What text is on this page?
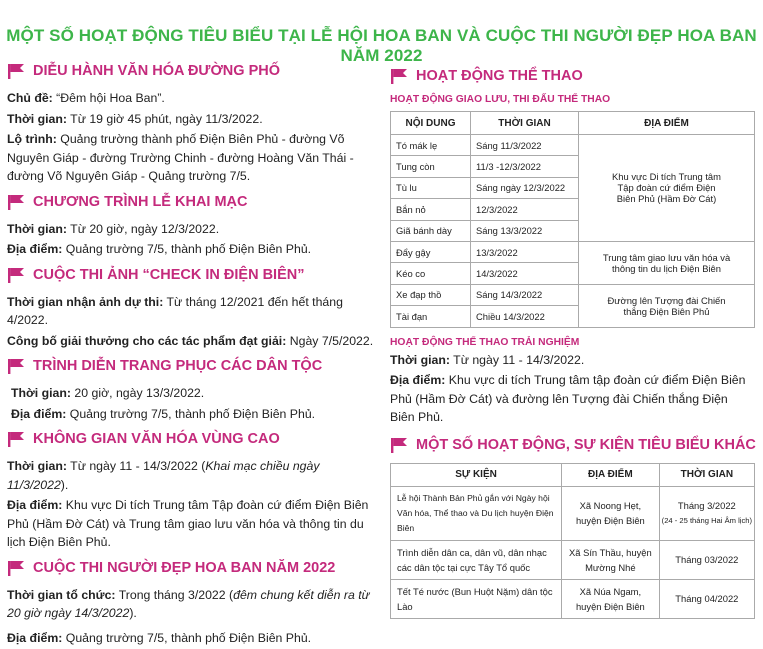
MỘT SỐ HOẠT ĐỘNG TIÊU BIỂU TẠI LỄ HỘI HOA BAN VÀ CUỘC THI NGƯỜI ĐẸP HOA BAN NĂM 2022
DIỄU HÀNH VĂN HÓA ĐƯỜNG PHỐ
Chủ đề: “Đêm hội Hoa Ban”.
Thời gian: Từ 19 giờ 45 phút, ngày 11/3/2022.
Lộ trình: Quảng trường thành phố Điện Biên Phủ - đường Võ Nguyên Giáp - đường Trường Chinh - đường Hoàng Văn Thái - đường Võ Nguyên Giáp - Quảng trường 7/5.
CHƯƠNG TRÌNH LỄ KHAI MẠC
Thời gian: Từ 20 giờ, ngày 12/3/2022.
Địa điểm: Quảng trường 7/5, thành phố Điện Biên Phủ.
CUỘC THI ẢNH “CHECK IN ĐIỆN BIÊN”
Thời gian nhận ảnh dự thi: Từ tháng 12/2021 đến hết tháng 4/2022.
Công bố giải thưởng cho các tác phẩm đạt giải: Ngày 7/5/2022.
TRÌNH DIỄN TRANG PHỤC CÁC DÂN TỘC
Thời gian: 20 giờ, ngày 13/3/2022.
Địa điểm: Quảng trường 7/5, thành phố Điện Biên Phủ.
KHÔNG GIAN VĂN HÓA VÙNG CAO
Thời gian: Từ ngày 11 - 14/3/2022 (Khai mạc chiều ngày 11/3/2022).
Địa điểm: Khu vực Di tích Trung tâm Tập đoàn cứ điểm Điện Biên Phủ (Hầm Đờ Cát) và Trung tâm giao lưu văn hóa và thông tin du lịch Điện Biên Phủ.
CUỘC THI NGƯỜI ĐẸP HOA BAN NĂM 2022
Thời gian tổ chức: Trong tháng 3/2022 (đêm chung kết diễn ra từ 20 giờ ngày 14/3/2022).
Địa điểm: Quảng trường 7/5, thành phố Điện Biên Phủ.
HOẠT ĐỘNG THỂ THAO
HOẠT ĐỘNG GIAO LƯU, THI ĐẤU THỂ THAO
NỘI DUNG	THỜI GIAN	ĐỊA ĐIỂM
Tó mák lẹ	Sáng 11/3/2022	Khu vực Di tích Trung tâm Tập đoàn cứ điểm Điện Biên Phủ (Hầm Đờ Cát)
Tung còn	11/3 -12/3/2022	
Tù lu	Sáng ngày 12/3/2022	
Bắn nỏ	12/3/2022	
Giã bánh dày	Sáng 13/3/2022	
Đẩy gậy	13/3/2022	Trung tâm giao lưu văn hóa và thông tin du lịch Điện Biên
Kéo co	14/3/2022	
Xe đạp thồ	Sáng 14/3/2022	Đường lên Tượng đài Chiến thắng Điện Biên Phủ
Tài đạn	Chiều 14/3/2022	
HOẠT ĐỘNG THỂ THAO TRẢI NGHIỆM
Thời gian: Từ ngày 11 - 14/3/2022.
Địa điểm: Khu vực di tích Trung tâm tập đoàn cứ điểm Điện Biên Phủ (Hầm Đờ Cát) và đường lên Tượng đài Chiến thắng Điện Biên Phủ.
MỘT SỐ HOẠT ĐỘNG, SỰ KIỆN TIÊU BIỂU KHÁC
SỰ KIỆN	ĐỊA ĐIỂM	THỜI GIAN
Lễ hội Thành Bản Phủ gắn với Ngày hội Văn hóa, Thể thao và Du lịch huyện Điện Biên	Xã Noong Hẹt, huyện Điện Biên	Tháng 3/2022
(24 - 25 tháng Hai Âm lịch)

Trình diễn dân ca, dân vũ, dân nhạc các dân tộc tại cực Tây Tổ quốc	Xã Sín Thầu, huyện Mường Nhé	Tháng 03/2022
Tết Té nước (Bun Huột Nặm) dân tộc Lào	Xã Núa Ngam, huyện Điện Biên	Tháng 04/2022
